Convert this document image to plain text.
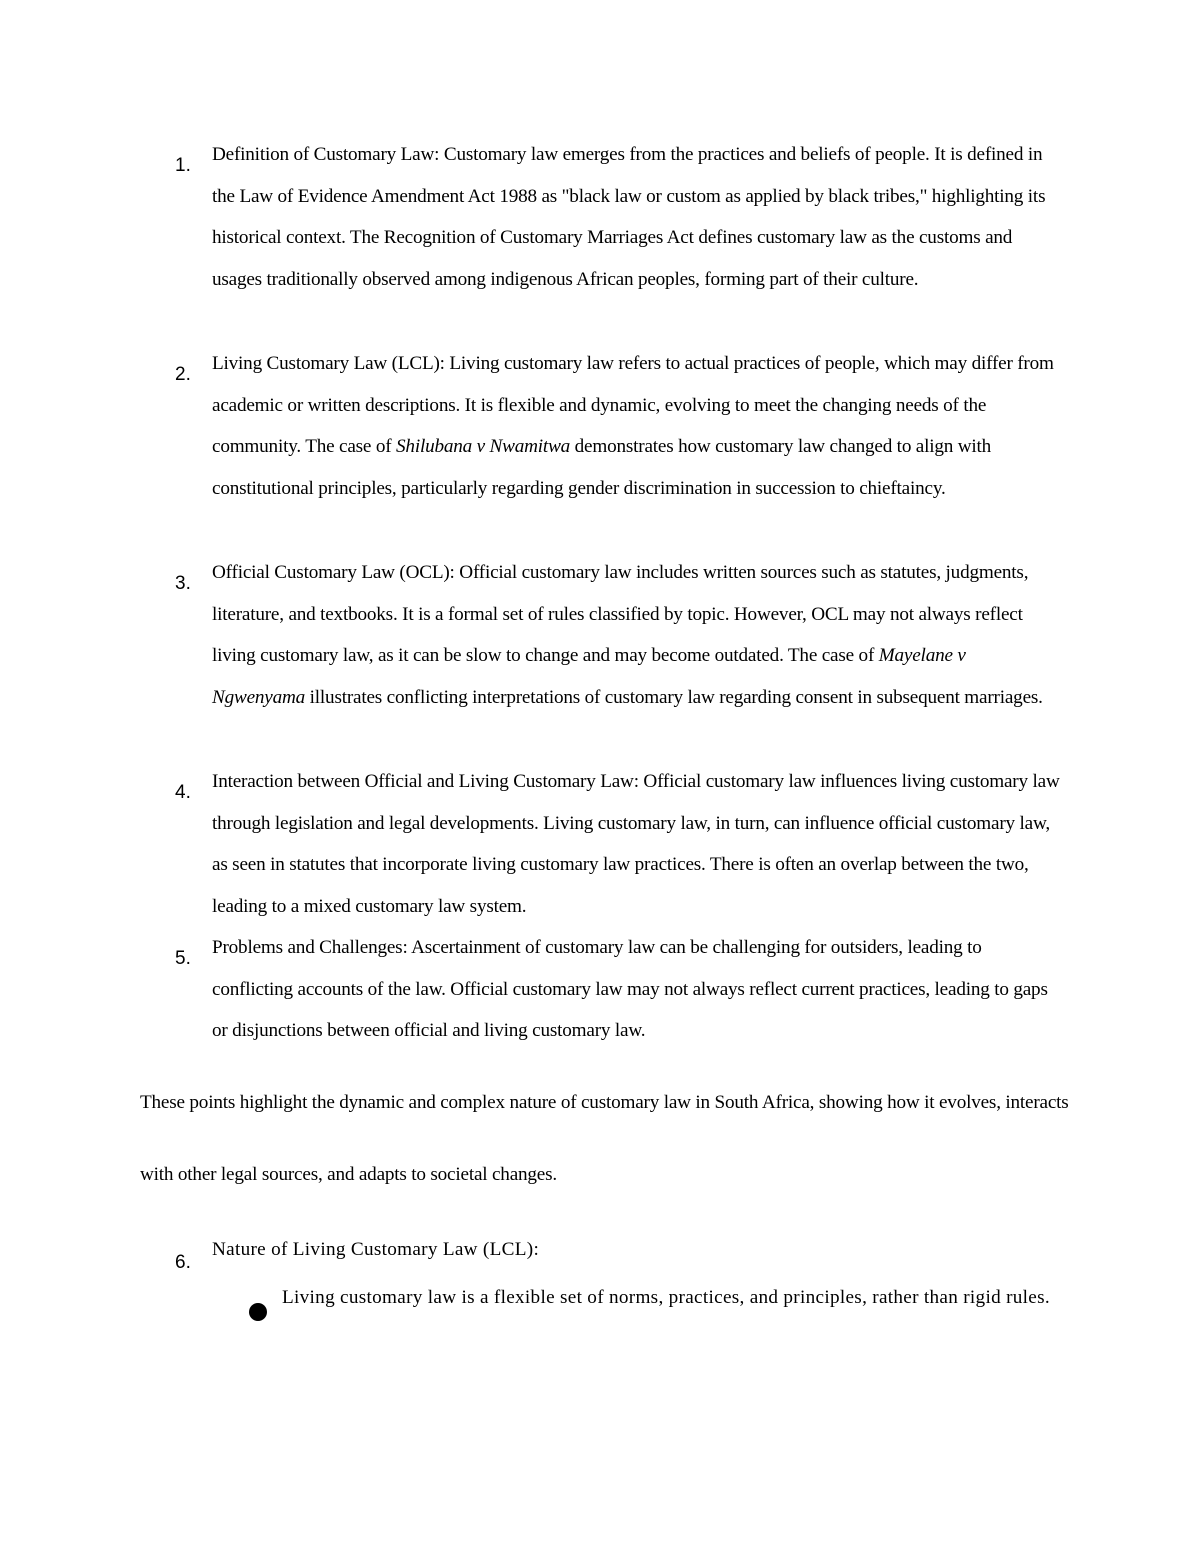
1.
Definition of Customary Law: Customary law emerges from the practices and beliefs of people. It is defined in the Law of Evidence Amendment Act 1988 as "black law or custom as applied by black tribes," highlighting its historical context. The Recognition of Customary Marriages Act defines customary law as the customs and usages traditionally observed among indigenous African peoples, forming part of their culture.
2.
Living Customary Law (LCL): Living customary law refers to actual practices of people, which may differ from academic or written descriptions. It is flexible and dynamic, evolving to meet the changing needs of the community. The case of Shilubana v Nwamitwa demonstrates how customary law changed to align with constitutional principles, particularly regarding gender discrimination in succession to chieftaincy.
3.
Official Customary Law (OCL): Official customary law includes written sources such as statutes, judgments, literature, and textbooks. It is a formal set of rules classified by topic. However, OCL may not always reflect living customary law, as it can be slow to change and may become outdated. The case of Mayelane v Ngwenyama illustrates conflicting interpretations of customary law regarding consent in subsequent marriages.
4.
Interaction between Official and Living Customary Law: Official customary law influences living customary law through legislation and legal developments. Living customary law, in turn, can influence official customary law, as seen in statutes that incorporate living customary law practices. There is often an overlap between the two, leading to a mixed customary law system.
5.
Problems and Challenges: Ascertainment of customary law can be challenging for outsiders, leading to conflicting accounts of the law. Official customary law may not always reflect current practices, leading to gaps or disjunctions between official and living customary law.
These points highlight the dynamic and complex nature of customary law in South Africa, showing how it evolves, interacts with other legal sources, and adapts to societal changes.
6.
Nature of Living Customary Law (LCL):
Living customary law is a flexible set of norms, practices, and principles, rather than rigid rules.
